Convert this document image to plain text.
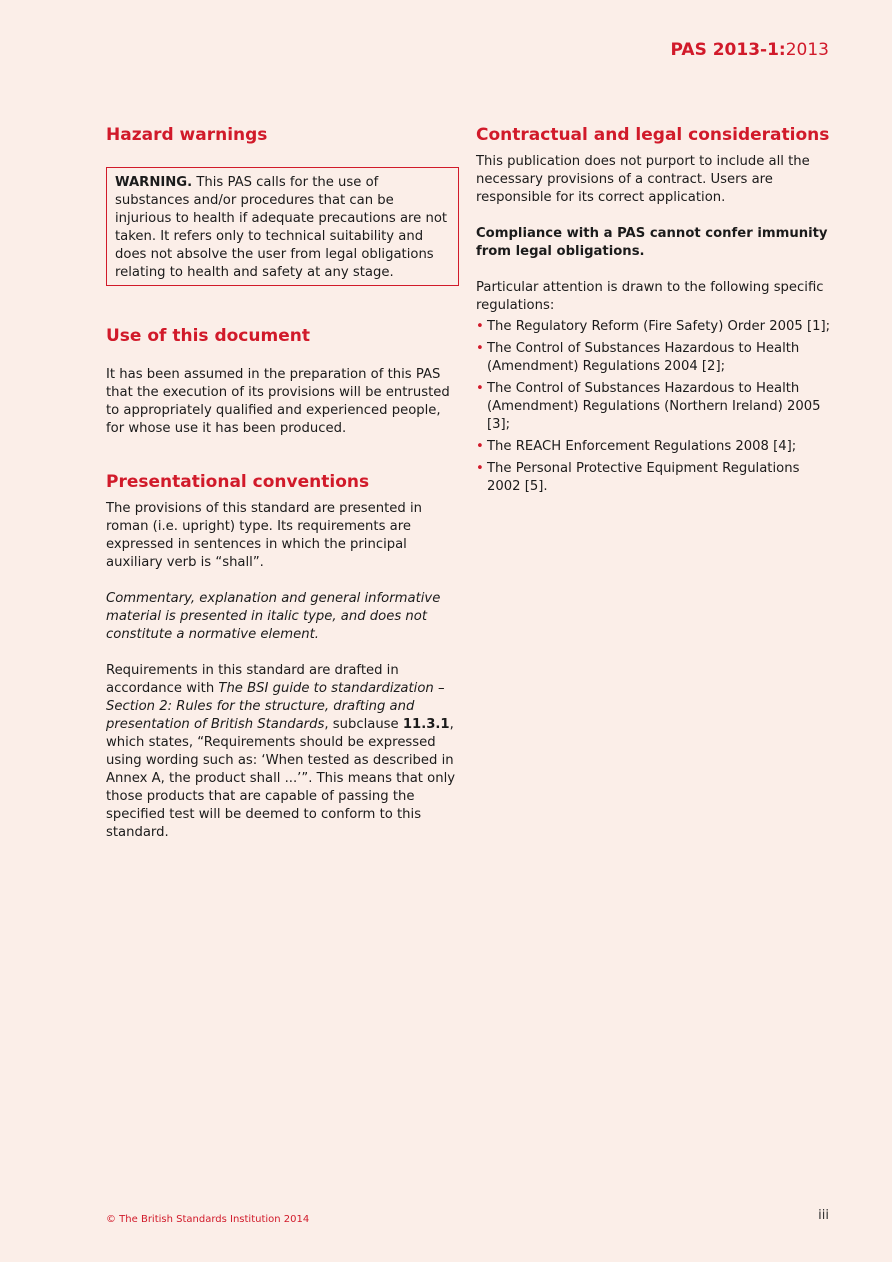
PAS 2013-1:2013
Hazard warnings
WARNING. This PAS calls for the use of substances and/or procedures that can be injurious to health if adequate precautions are not taken. It refers only to technical suitability and does not absolve the user from legal obligations relating to health and safety at any stage.
Use of this document

It has been assumed in the preparation of this PAS that the execution of its provisions will be entrusted to appropriately qualified and experienced people, for whose use it has been produced.

Presentational conventions

The provisions of this standard are presented in roman (i.e. upright) type. Its requirements are expressed in sentences in which the principal auxiliary verb is “shall”.

Commentary, explanation and general informative material is presented in italic type, and does not constitute a normative element.

Requirements in this standard are drafted in accordance with The BSI guide to standardization – Section 2: Rules for the structure, drafting and presentation of British Standards, subclause 11.3.1, which states, “Requirements should be expressed using wording such as: ‘When tested as described in Annex A, the product shall ...’”. This means that only those products that are capable of passing the specified test will be deemed to conform to this standard.

Contractual and legal considerations

This publication does not purport to include all the necessary provisions of a contract. Users are responsible for its correct application.

Compliance with a PAS cannot confer immunity from legal obligations.

Particular attention is drawn to the following specific regulations:

• The Regulatory Reform (Fire Safety) Order 2005 [1];
• The Control of Substances Hazardous to Health (Amendment) Regulations 2004 [2];
• The Control of Substances Hazardous to Health (Amendment) Regulations (Northern Ireland) 2005 [3];
• The REACH Enforcement Regulations 2008 [4];
• The Personal Protective Equipment Regulations 2002 [5].
© The British Standards Institution 2014	iii
